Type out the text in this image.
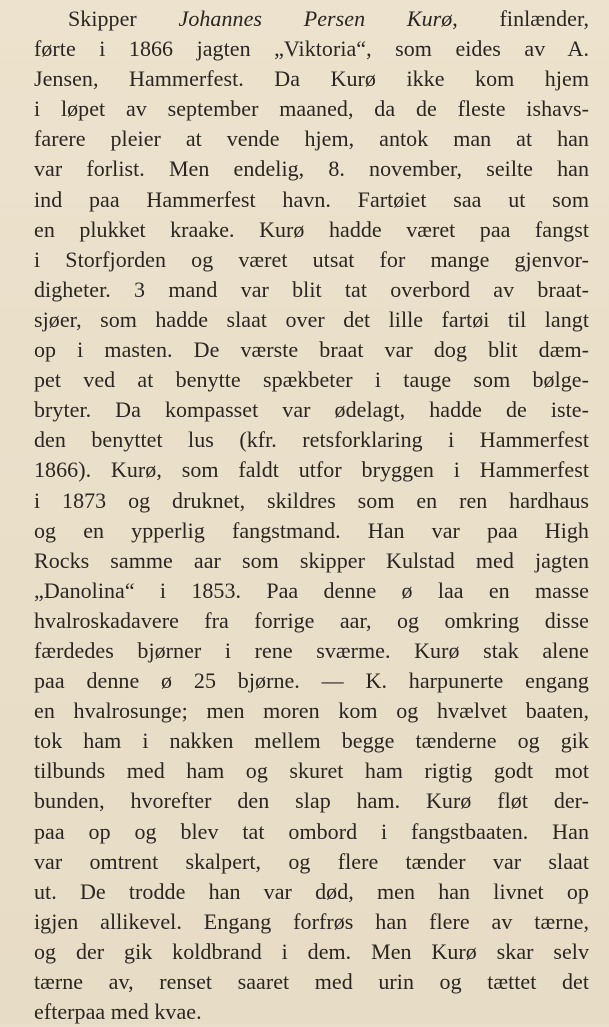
Skipper Johannes Persen Kurø, finlænder,
førte i 1866 jagten „Viktoria“, som eides av A.
Jensen, Hammerfest. Da Kurø ikke kom hjem
i løpet av september maaned, da de fleste ishavs-
farere pleier at vende hjem, antok man at han
var forlist. Men endelig, 8. november, seilte han
ind paa Hammerfest havn. Fartøiet saa ut som
en plukket kraake. Kurø hadde været paa fangst
i Storfjorden og været utsat for mange gjenvor-
digheter. 3 mand var blit tat overbord av braat-
sjøer, som hadde slaat over det lille fartøi til langt
op i masten. De værste braat var dog blit dæm-
pet ved at benytte spækbeter i tauge som bølge-
bryter. Da kompasset var ødelagt, hadde de iste-
den benyttet lus (kfr. retsforklaring i Hammerfest
1866). Kurø, som faldt utfor bryggen i Hammerfest
i 1873 og druknet, skildres som en ren hardhaus
og en ypperlig fangstmand. Han var paa High
Rocks samme aar som skipper Kulstad med jagten
„Danolina“ i 1853. Paa denne ø laa en masse
hvalroskadavere fra forrige aar, og omkring disse
færdedes bjørner i rene sværme. Kurø stak alene
paa denne ø 25 bjørne. — K. harpunerte engang
en hvalrosunge; men moren kom og hvælvet baaten,
tok ham i nakken mellem begge tænderne og gik
tilbunds med ham og skuret ham rigtig godt mot
bunden, hvorefter den slap ham. Kurø fløt der-
paa op og blev tat ombord i fangstbaaten. Han
var omtrent skalpert, og flere tænder var slaat
ut. De trodde han var død, men han livnet op
igjen allikevel. Engang forfrøs han flere av tærne,
og der gik koldbrand i dem. Men Kurø skar selv
tærne av, renset saaret med urin og tættet det
efterpaa med kvae.
